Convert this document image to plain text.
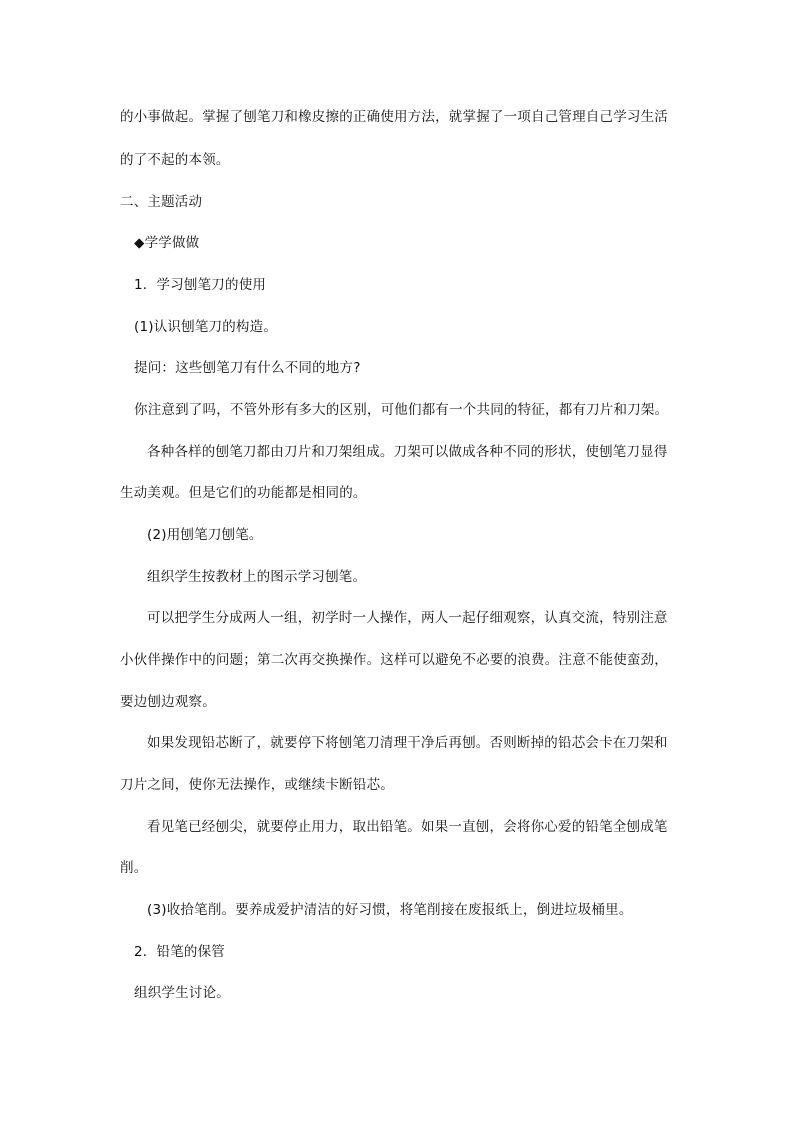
的小事做起。掌握了刨笔刀和橡皮擦的正确使用方法，就掌握了一项自己管理自己学习生活
的了不起的本领。
二、主题活动
◆学学做做
1．学习刨笔刀的使用
(1)认识刨笔刀的构造。
提问：这些刨笔刀有什么不同的地方?
你注意到了吗，不管外形有多大的区别，可他们都有一个共同的特征，都有刀片和刀架。
各种各样的刨笔刀都由刀片和刀架组成。刀架可以做成各种不同的形状，使刨笔刀显得
生动美观。但是它们的功能都是相同的。
(2)用刨笔刀刨笔。
组织学生按教材上的图示学习刨笔。
可以把学生分成两人一组，初学时一人操作，两人一起仔细观察，认真交流，特别注意
小伙伴操作中的问题；第二次再交换操作。这样可以避免不必要的浪费。注意不能使蛮劲，
要边刨边观察。
如果发现铅芯断了，就要停下将刨笔刀清理干净后再刨。否则断掉的铅芯会卡在刀架和
刀片之间，使你无法操作，或继续卡断铅芯。
看见笔已经刨尖，就要停止用力，取出铅笔。如果一直刨，会将你心爱的铅笔全刨成笔
削。
(3)收拾笔削。要养成爱护清洁的好习惯，将笔削接在废报纸上，倒进垃圾桶里。
2．铅笔的保管
组织学生讨论。
